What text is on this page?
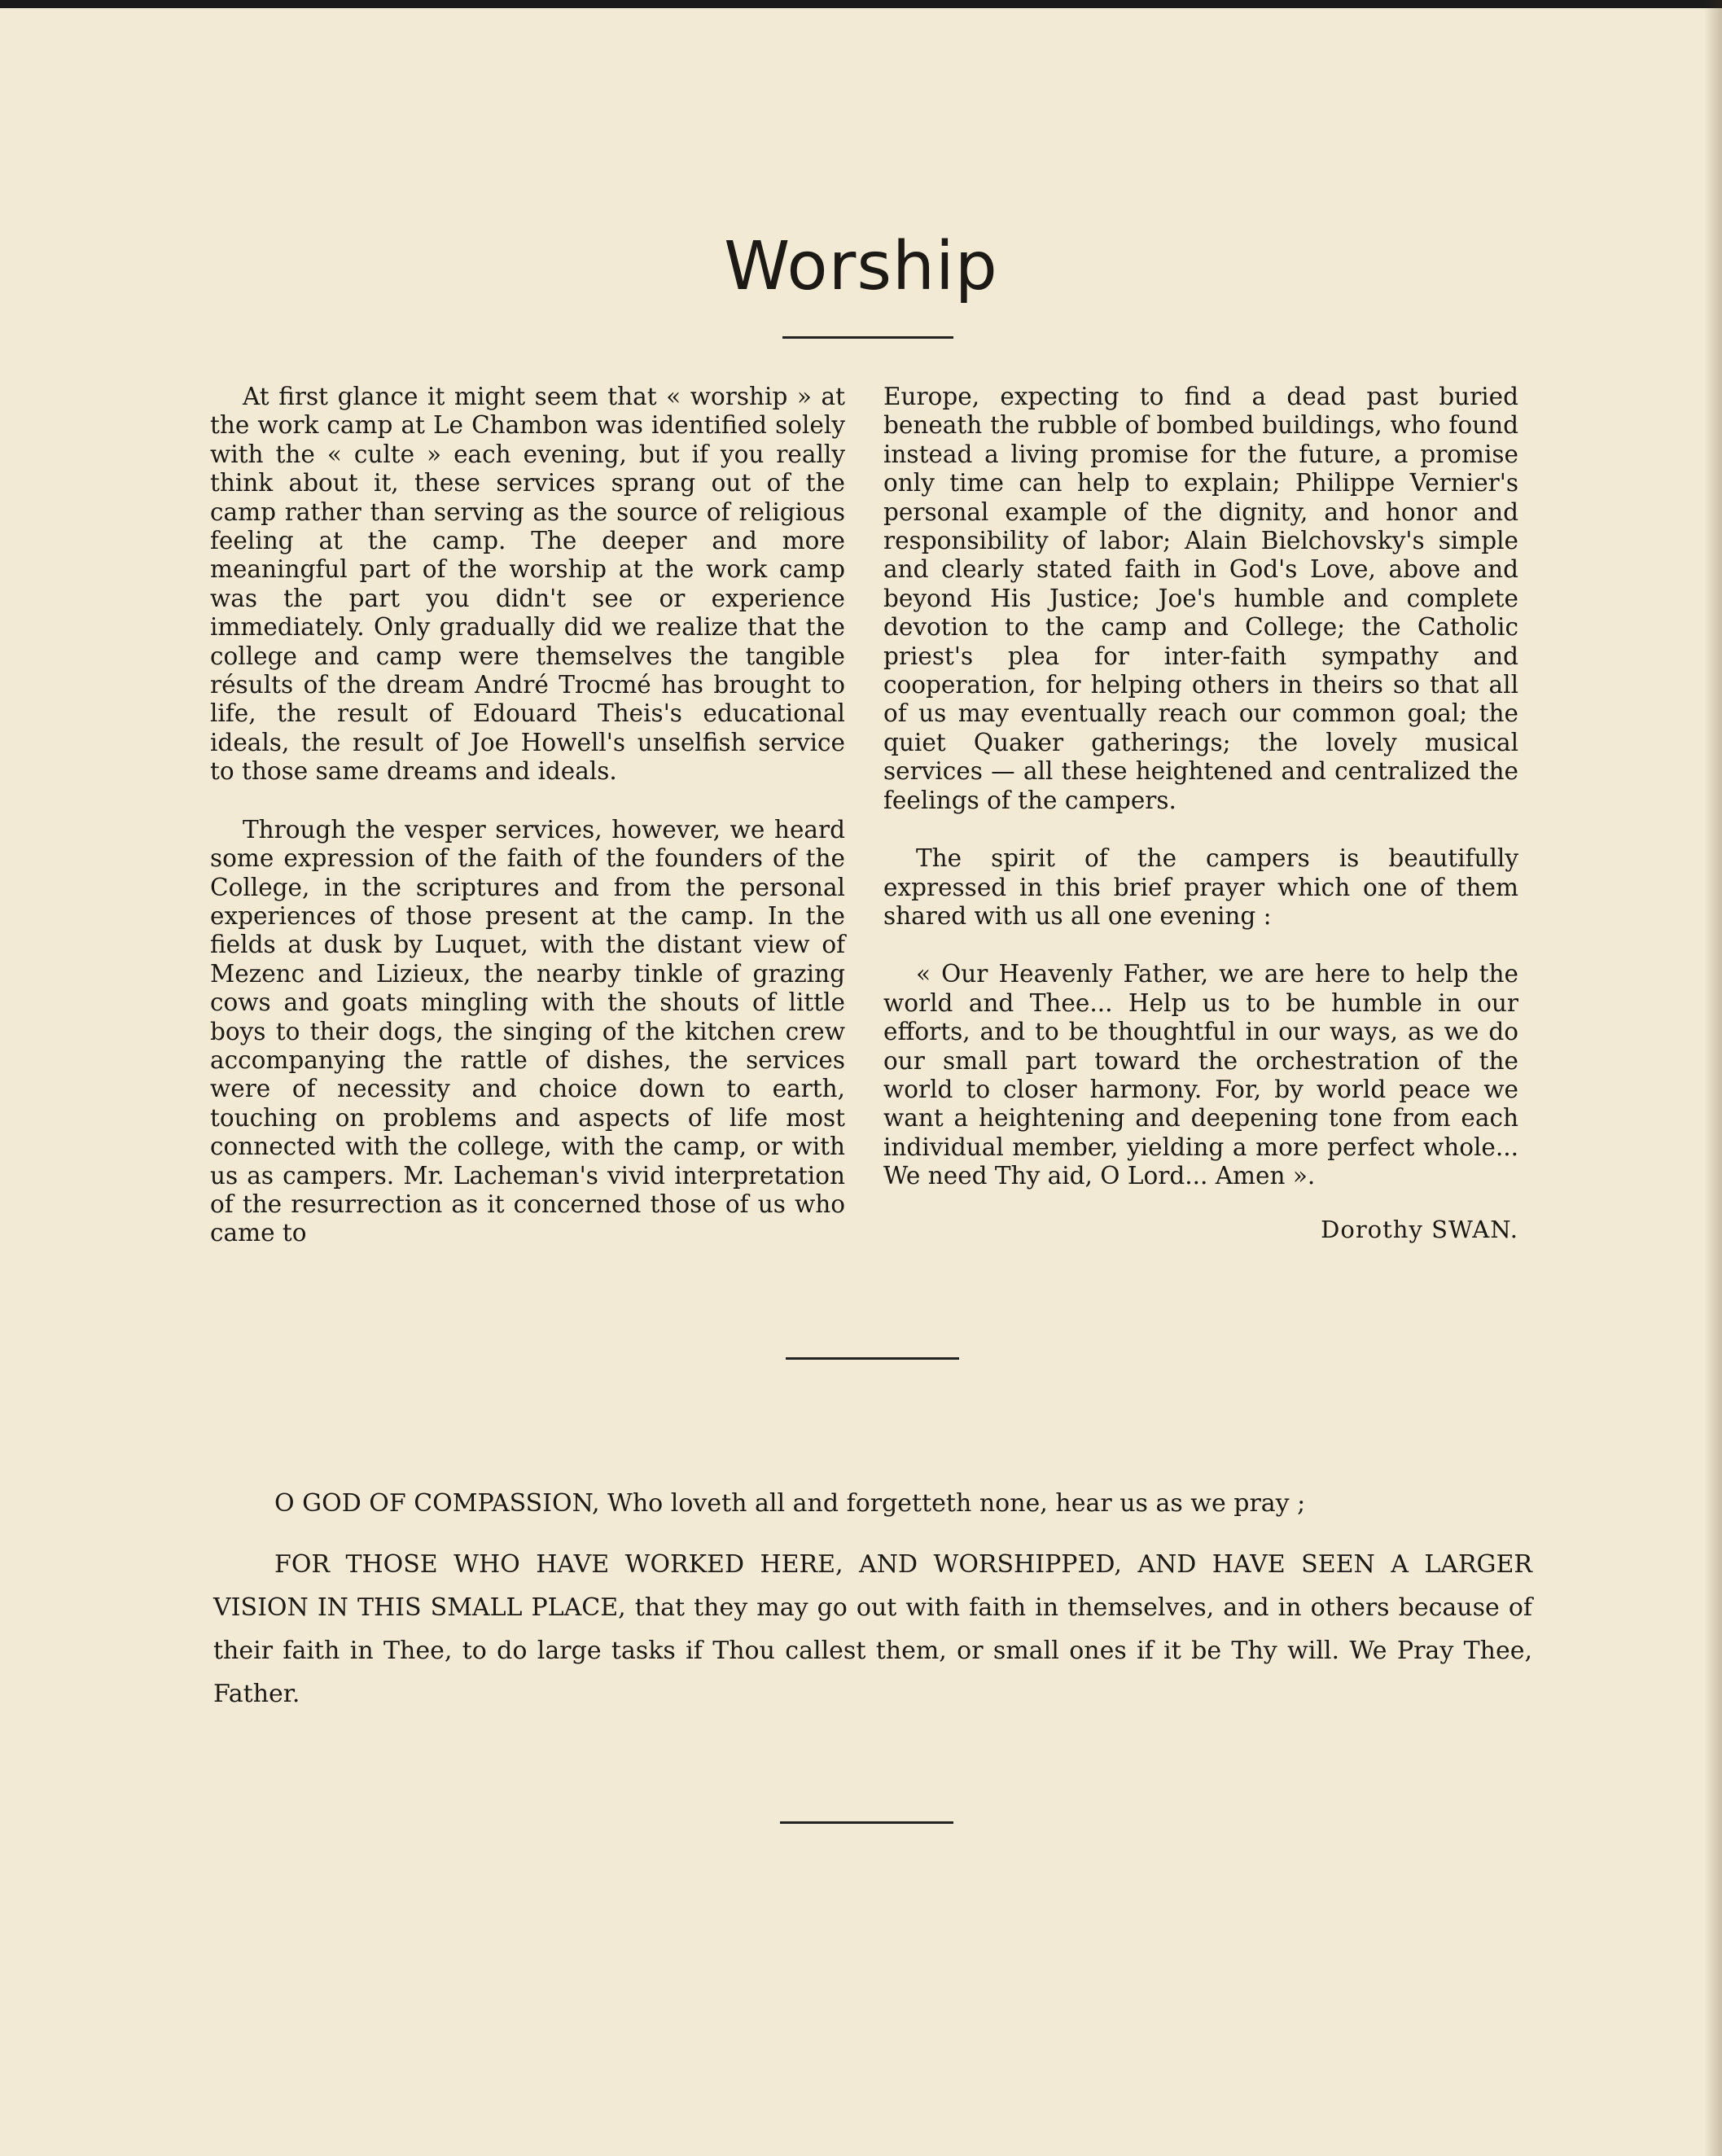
Worship

At first glance it might seem that « worship » at the work camp at Le Chambon was identified solely with the « culte » each evening, but if you really think about it, these services sprang out of the camp rather than serving as the source of religious feeling at the camp. The deeper and more meaningful part of the worship at the work camp was the part you didn't see or experience immediately. Only gradually did we realize that the college and camp were themselves the tangible résults of the dream André Trocmé has brought to life, the result of Edouard Theis's educational ideals, the result of Joe Howell's unselfish service to those same dreams and ideals.

Through the vesper services, however, we heard some expression of the faith of the founders of the College, in the scriptures and from the personal experiences of those present at the camp. In the fields at dusk by Luquet, with the distant view of Mezenc and Lizieux, the nearby tinkle of grazing cows and goats mingling with the shouts of little boys to their dogs, the singing of the kitchen crew accompanying the rattle of dishes, the services were of necessity and choice down to earth, touching on problems and aspects of life most connected with the college, with the camp, or with us as campers. Mr. Lacheman's vivid interpretation of the resurrection as it concerned those of us who came to

Europe, expecting to find a dead past buried beneath the rubble of bombed buildings, who found instead a living promise for the future, a promise only time can help to explain; Philippe Vernier's personal example of the dignity, and honor and responsibility of labor; Alain Bielchovsky's simple and clearly stated faith in God's Love, above and beyond His Justice; Joe's humble and complete devotion to the camp and College; the Catholic priest's plea for inter-faith sympathy and cooperation, for helping others in theirs so that all of us may eventually reach our common goal; the quiet Quaker gatherings; the lovely musical services — all these heightened and centralized the feelings of the campers.

The spirit of the campers is beautifully expressed in this brief prayer which one of them shared with us all one evening :

« Our Heavenly Father, we are here to help the world and Thee... Help us to be humble in our efforts, and to be thoughtful in our ways, as we do our small part toward the orchestration of the world to closer harmony. For, by world peace we want a heightening and deepening tone from each individual member, yielding a more perfect whole... We need Thy aid, O Lord... Amen ».

Dorothy SWAN.

O GOD OF COMPASSION, Who loveth all and forgetteth none, hear us as we pray ;

FOR THOSE WHO HAVE WORKED HERE, AND WORSHIPPED, AND HAVE SEEN A LARGER VISION IN THIS SMALL PLACE, that they may go out with faith in themselves, and in others because of their faith in Thee, to do large tasks if Thou callest them, or small ones if it be Thy will. We Pray Thee, Father.
